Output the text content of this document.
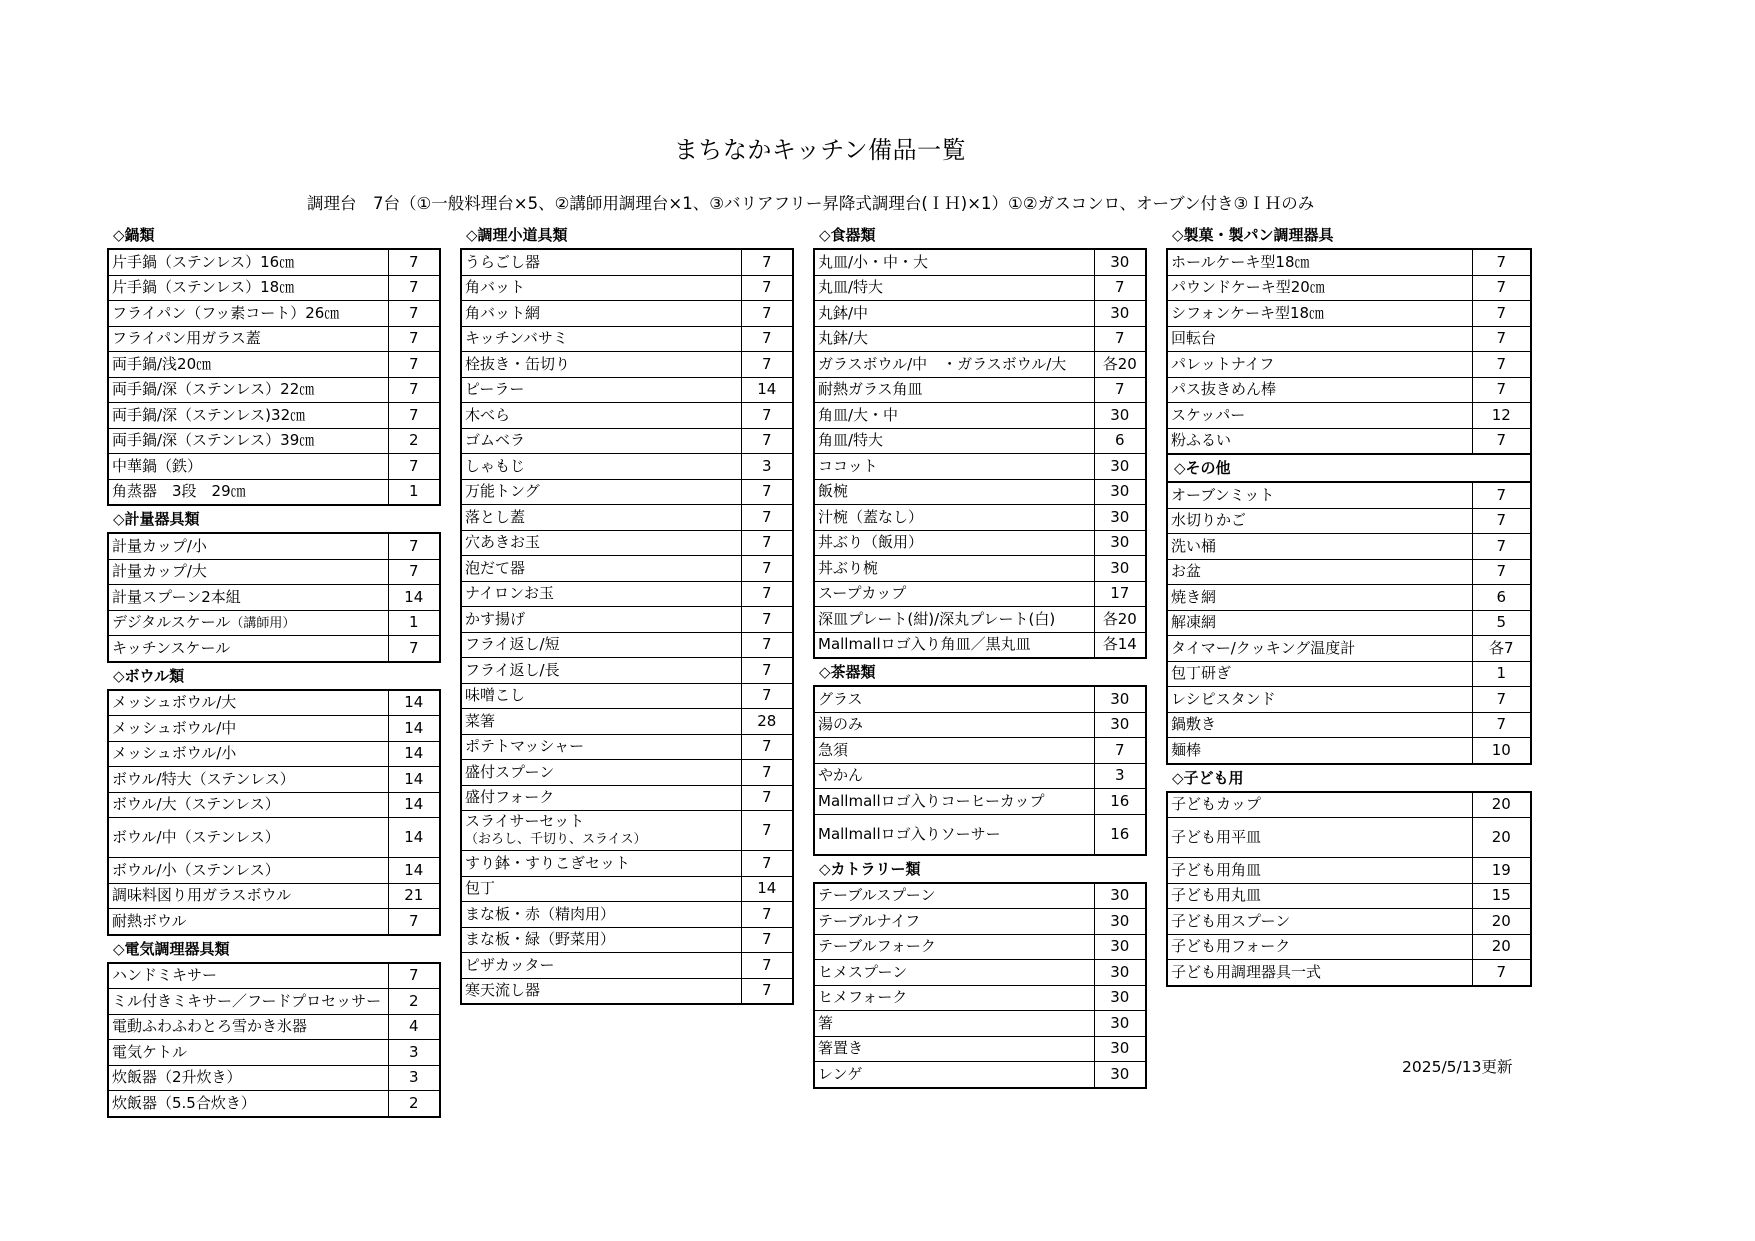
まちなかキッチン備品一覧
調理台　7台（①一般料理台×5、②講師用調理台×1、③バリアフリー昇降式調理台(ＩＨ)×1）①②ガスコンロ、オーブン付き③ＩＨのみ
◇鍋類
片手鍋（ステンレス）16㎝	7
片手鍋（ステンレス）18㎝	7
フライパン（フッ素コート）26㎝	7
フライパン用ガラス蓋	7
両手鍋/浅20㎝	7
両手鍋/深（ステンレス）22㎝	7
両手鍋/深（ステンレス)32㎝	7
両手鍋/深（ステンレス）39㎝	2
中華鍋（鉄）	7
角蒸器　3段　29㎝	1
◇計量器具類
計量カップ/小	7
計量カップ/大	7
計量スプーン2本組	14
デジタルスケール（講師用）	1
キッチンスケール	7
◇ボウル類
メッシュボウル/大	14
メッシュボウル/中	14
メッシュボウル/小	14
ボウル/特大（ステンレス）	14
ボウル/大（ステンレス）	14
ボウル/中（ステンレス）	14
ボウル/小（ステンレス）	14
調味料図り用ガラスボウル	21
耐熱ボウル	7
◇電気調理器具類
ハンドミキサー	7
ミル付きミキサー／フードプロセッサー	2
電動ふわふわとろ雪かき氷器	4
電気ケトル	3
炊飯器（2升炊き）	3
炊飯器（5.5合炊き）	2
◇調理小道具類
うらごし器	7
角バット	7
角バット網	7
キッチンバサミ	7
栓抜き・缶切り	7
ピーラー	14
木べら	7
ゴムベラ	7
しゃもじ	3
万能トング	7
落とし蓋	7
穴あきお玉	7
泡だて器	7
ナイロンお玉	7
かす揚げ	7
フライ返し/短	7
フライ返し/長	7
味噌こし	7
菜箸	28
ポテトマッシャー	7
盛付スプーン	7
盛付フォーク	7
スライサーセット
（おろし、千切り、スライス）	7
すり鉢・すりこぎセット	7
包丁	14
まな板・赤（精肉用）	7
まな板・緑（野菜用）	7
ピザカッター	7
寒天流し器	7
◇食器類
丸皿/小・中・大	30
丸皿/特大	7
丸鉢/中	30
丸鉢/大	7
ガラスボウル/中　・ガラスボウル/大	各20
耐熱ガラス角皿	7
角皿/大・中	30
角皿/特大	6
ココット	30
飯椀	30
汁椀（蓋なし）	30
丼ぶり（飯用）	30
丼ぶり椀	30
スープカップ	17
深皿プレート(紺)/深丸プレート(白)	各20
Mallmallロゴ入り角皿／黒丸皿	各14
◇茶器類
グラス	30
湯のみ	30
急須	7
やかん	3
Mallmallロゴ入りコーヒーカップ	16
Mallmallロゴ入りソーサー	16
◇カトラリー類
テーブルスプーン	30
テーブルナイフ	30
テーブルフォーク	30
ヒメスプーン	30
ヒメフォーク	30
箸	30
箸置き	30
レンゲ	30
◇製菓・製パン調理器具
ホールケーキ型18㎝	7
パウンドケーキ型20㎝	7
シフォンケーキ型18㎝	7
回転台	7
パレットナイフ	7
パス抜きめん棒	7
スケッパー	12
粉ふるい	7
◇その他
オーブンミット	7
水切りかご	7
洗い桶	7
お盆	7
焼き網	6
解凍網	5
タイマー/クッキング温度計	各7
包丁研ぎ	1
レシピスタンド	7
鍋敷き	7
麺棒	10
◇子ども用
子どもカップ	20
子ども用平皿	20
子ども用角皿	19
子ども用丸皿	15
子ども用スプーン	20
子ども用フォーク	20
子ども用調理器具一式	7
2025/5/13更新
